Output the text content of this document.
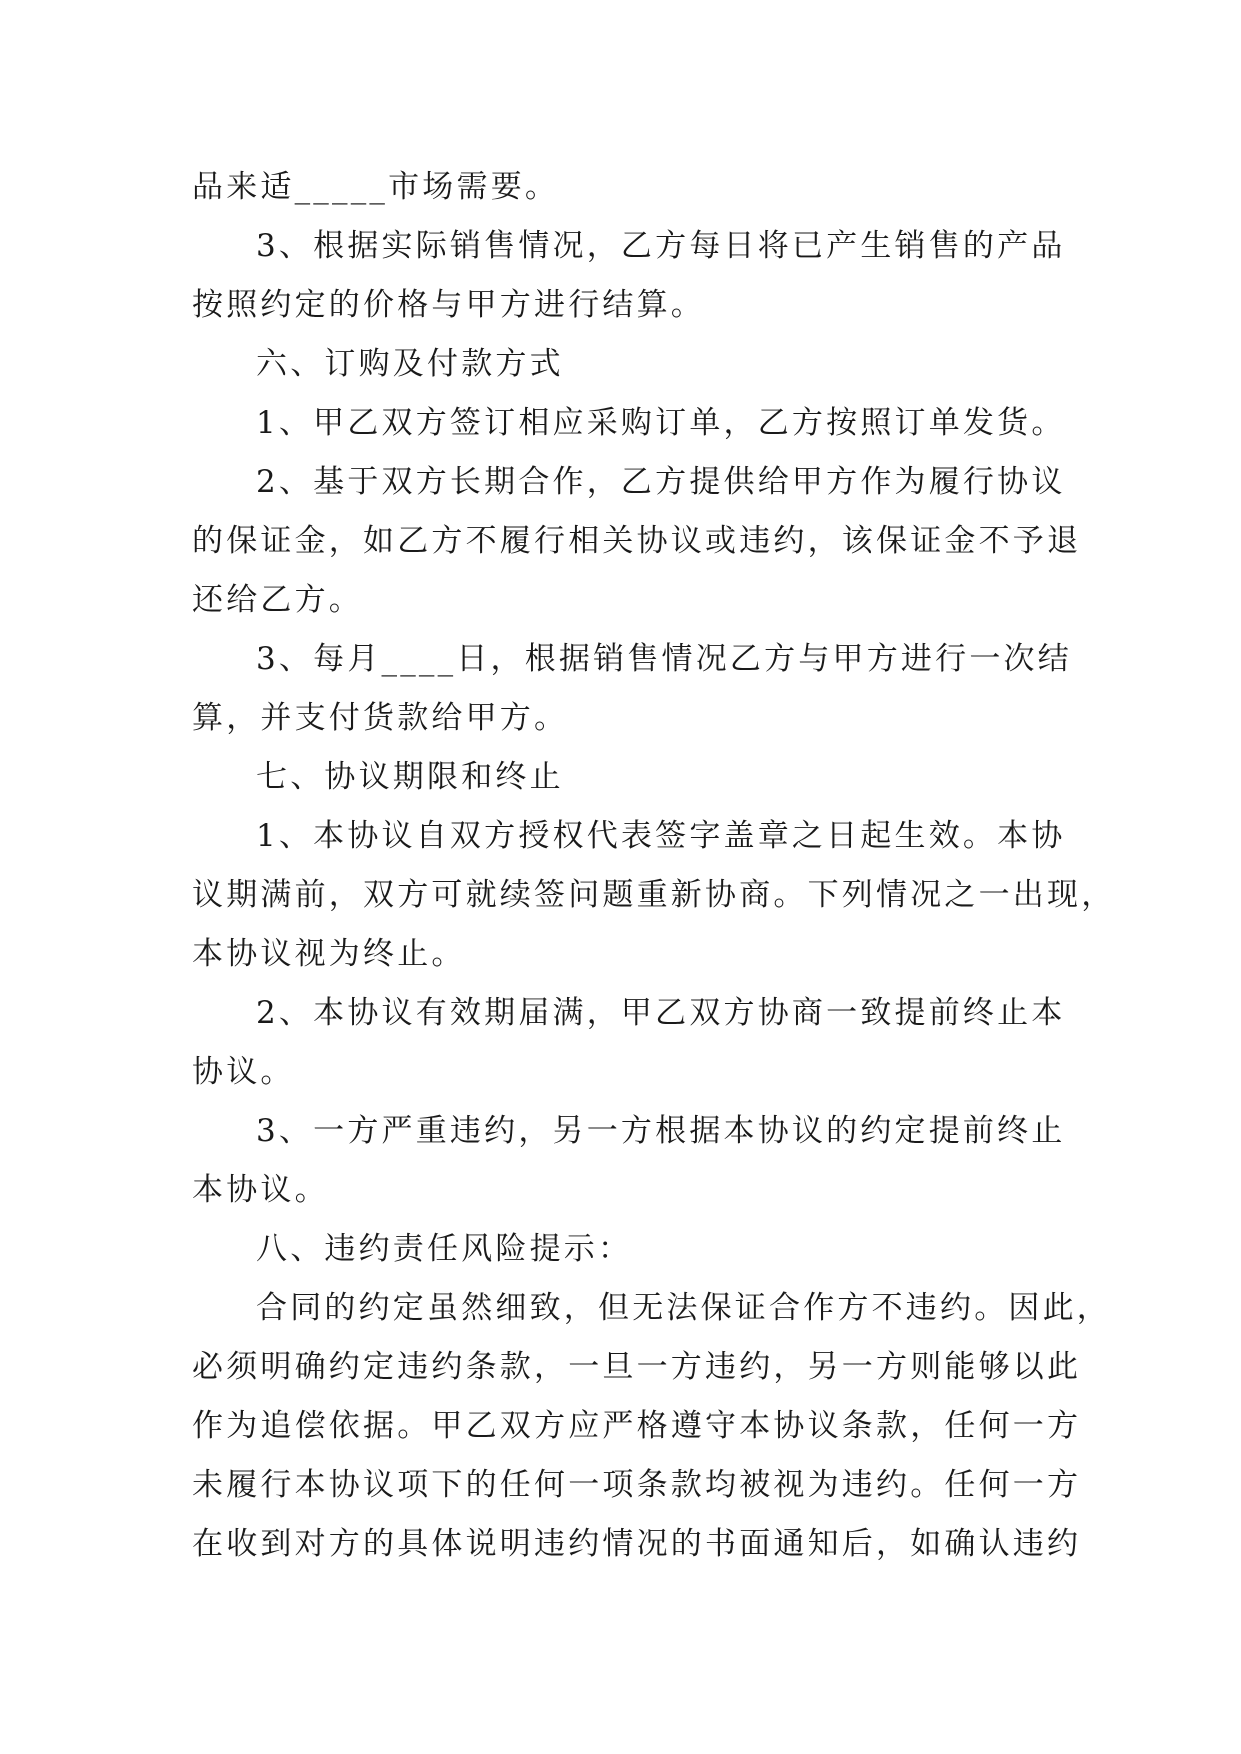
品来适_____市场需要。
3、根据实际销售情况，乙方每日将已产生销售的产品
按照约定的价格与甲方进行结算。
六、订购及付款方式
1、甲乙双方签订相应采购订单，乙方按照订单发货。
2、基于双方长期合作，乙方提供给甲方作为履行协议
的保证金，如乙方不履行相关协议或违约，该保证金不予退
还给乙方。
3、每月____日，根据销售情况乙方与甲方进行一次结
算，并支付货款给甲方。
七、协议期限和终止
1、本协议自双方授权代表签字盖章之日起生效。本协
议期满前，双方可就续签问题重新协商。下列情况之一出现，
本协议视为终止。
2、本协议有效期届满，甲乙双方协商一致提前终止本
协议。
3、一方严重违约，另一方根据本协议的约定提前终止
本协议。
八、违约责任风险提示：
合同的约定虽然细致，但无法保证合作方不违约。因此，
必须明确约定违约条款，一旦一方违约，另一方则能够以此
作为追偿依据。甲乙双方应严格遵守本协议条款，任何一方
未履行本协议项下的任何一项条款均被视为违约。任何一方
在收到对方的具体说明违约情况的书面通知后，如确认违约
